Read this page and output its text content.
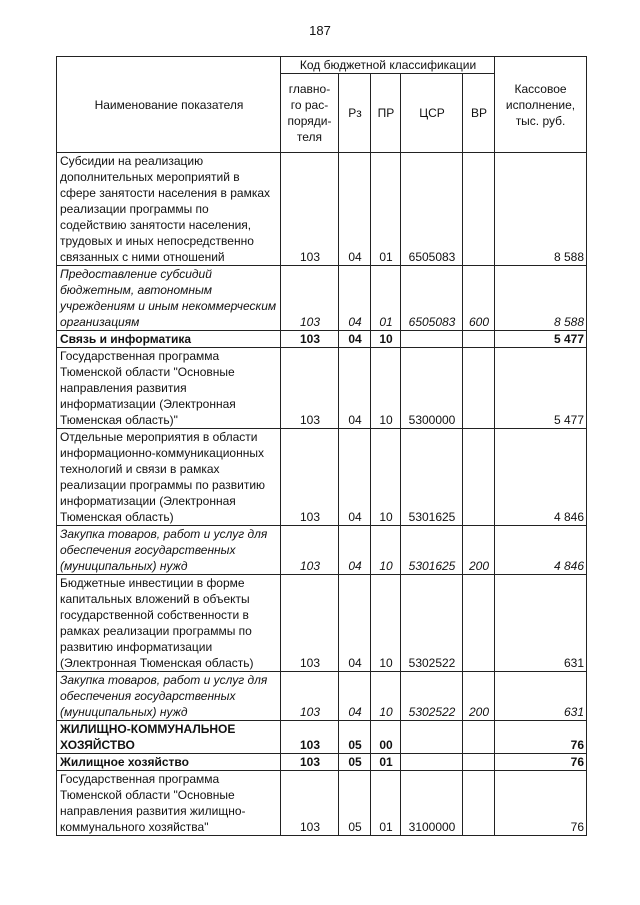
187
Наименование показателя	Код бюджетной классификации					Кассовое исполнение, тыс. руб.
	главно-го рас-поряди-теля	Рз	ПР	ЦСР	ВР	
Субсидии на реализацию дополнительных мероприятий в сфере занятости населения в рамках реализации программы по содействию занятости населения, трудовых и иных непосредственно связанных с ними отношений	103	04	01	6505083		8 588
Предоставление субсидий бюджетным, автономным учреждениям и иным некоммерческим организациям	103	04	01	6505083	600	8 588
Связь и информатика	103	04	10			5 477
Государственная программа Тюменской области "Основные направления развития информатизации (Электронная Тюменская область)"	103	04	10	5300000		5 477
Отдельные мероприятия в области информационно-коммуникационных технологий и связи в рамках реализации программы по развитию информатизации (Электронная Тюменская область)	103	04	10	5301625		4 846
Закупка товаров, работ и услуг для обеспечения государственных (муниципальных) нужд	103	04	10	5301625	200	4 846
Бюджетные инвестиции в форме капитальных вложений в объекты государственной собственности в рамках реализации программы по развитию информатизации (Электронная Тюменская область)	103	04	10	5302522		631
Закупка товаров, работ и услуг для обеспечения государственных (муниципальных) нужд	103	04	10	5302522	200	631
ЖИЛИЩНО-КОММУНАЛЬНОЕ ХОЗЯЙСТВО	103	05	00			76
Жилищное хозяйство	103	05	01			76
Государственная программа Тюменской области "Основные направления развития жилищно-коммунального хозяйства"	103	05	01	3100000		76
